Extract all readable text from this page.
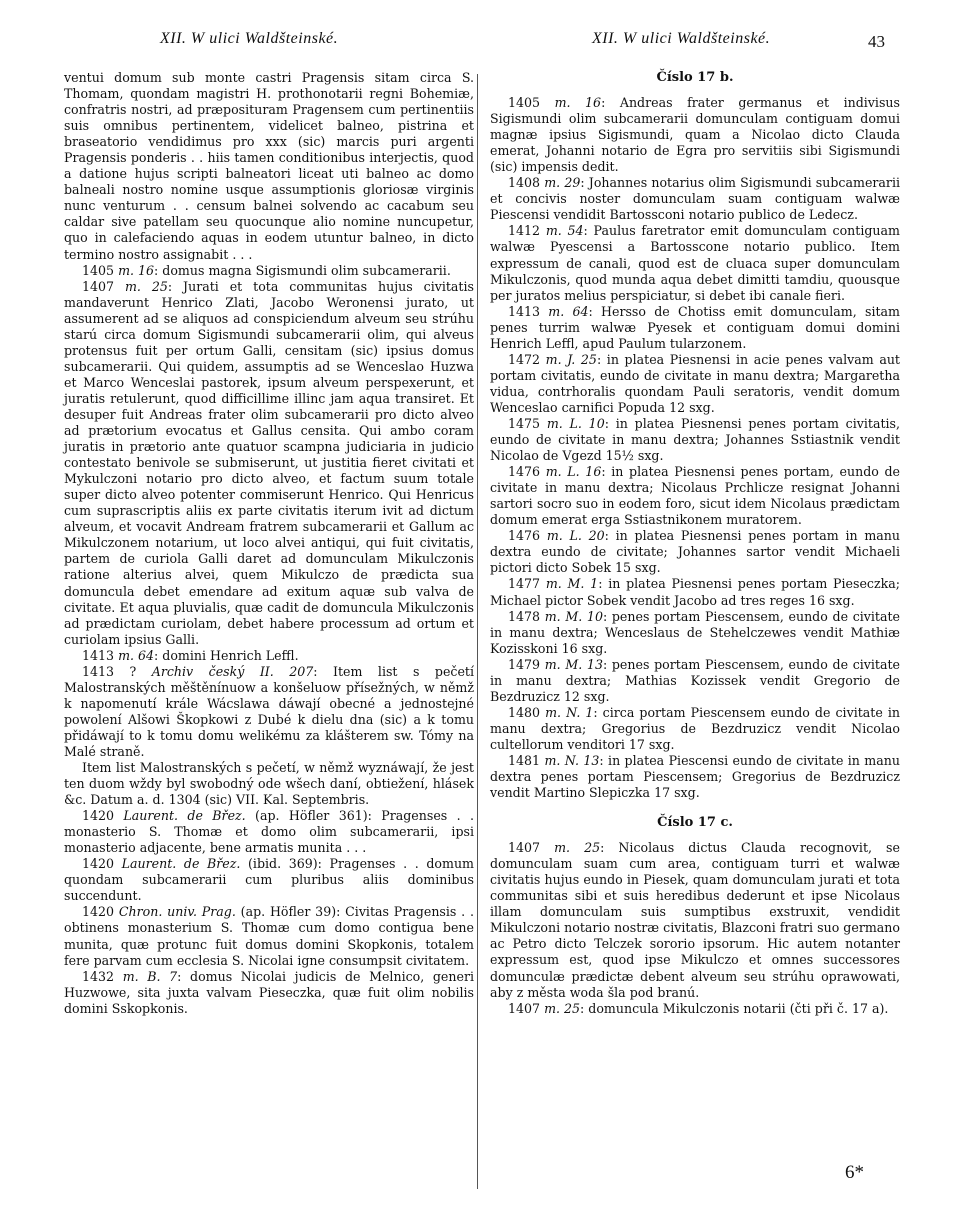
XII. W ulici Waldšteinské.	XII. W ulici Waldšteinské.	43

ventui domum sub monte castri Pragensis sitam circa S. Thomam, quondam magistri H. prothonotarii regni Bohemiæ, confratris nostri, ad præposituram Pragensem cum pertinentiis suis omnibus pertinentem, videlicet balneo, pistrina et braseatorio vendidimus pro xxx (sic) marcis puri argenti Pragensis ponderis . . hiis tamen conditionibus interjectis, quod a datione hujus scripti balneatori liceat uti balneo ac domo balneali nostro nomine usque assumptionis gloriosæ virginis nunc venturum . . censum balnei solvendo ac cacabum seu caldar sive patellam seu quocunque alio nomine nuncupetur, quo in calefaciendo aquas in eodem utuntur balneo, in dicto termino nostro assignabit . . .

1405 m. 16: domus magna Sigismundi olim subcamerarii.

1407 m. 25: Jurati et tota communitas hujus civitatis mandaverunt Henrico Zlati, Jacobo Weronensi jurato, ut assumerent ad se aliquos ad conspiciendum alveum seu strúhu starú circa domum Sigismundi subcamerarii olim, qui alveus protensus fuit per ortum Galli, censitam (sic) ipsius domus subcamerarii. Qui quidem, assumptis ad se Wenceslao Huzwa et Marco Wenceslai pastorek, ipsum alveum perspexerunt, et juratis retulerunt, quod difficillime illinc jam aqua transiret. Et desuper fuit Andreas frater olim subcamerarii pro dicto alveo ad prætorium evocatus et Gallus censita. Qui ambo coram juratis in prætorio ante quatuor scampna judiciaria in judicio contestato benivole se submiserunt, ut justitia fieret civitati et Mykulczoni notario pro dicto alveo, et factum suum totale super dicto alveo potenter commiserunt Henrico. Qui Henricus cum suprascriptis aliis ex parte civitatis iterum ivit ad dictum alveum, et vocavit Andream fratrem subcamerarii et Gallum ac Mikulczonem notarium, ut loco alvei antiqui, qui fuit civitatis, partem de curiola Galli daret ad domunculam Mikulczonis ratione alterius alvei, quem Mikulczo de prædicta sua domuncula debet emendare ad exitum aquæ sub valva de civitate. Et aqua pluvialis, quæ cadit de domuncula Mikulczonis ad prædictam curiolam, debet habere processum ad ortum et curiolam ipsius Galli.

1413 m. 64: domini Henrich Leffl.

1413 ? Archiv český II. 207: Item list s pečetí Malostranských měštěnínuow a konšeluow přísežných, w němž k napomenutí krále Wácslawa dáwají obecné a jednostejné powolení Alšowi Škopkowi z Dubé k dielu dna (sic) a k tomu přidáwají to k tomu domu welikému za klášterem sw. Tómy na Malé straně.

Item list Malostranských s pečetí, w němž wyznáwají, že jest ten duom wždy byl swobodný ode wšech daní, obtiežení, hlásek &c. Datum a. d. 1304 (sic) VII. Kal. Septembris.

1420 Laurent. de Břez. (ap. Höfler 361): Pragenses . . monasterio S. Thomæ et domo olim subcamerarii, ipsi monasterio adjacente, bene armatis munita . . .

1420 Laurent. de Břez. (ibid. 369): Pragenses . . domum quondam subcamerarii cum pluribus aliis dominibus succendunt.

1420 Chron. univ. Prag. (ap. Höfler 39): Civitas Pragensis . . obtinens monasterium S. Thomæ cum domo contigua bene munita, quæ protunc fuit domus domini Skopkonis, totalem fere parvam cum ecclesia S. Nicolai igne consumpsit civitatem.

1432 m. B. 7: domus Nicolai judicis de Melnico, generi Huzwowe, sita juxta valvam Pieseczka, quæ fuit olim nobilis domini Sskopkonis.

Číslo 17 b.

1405 m. 16: Andreas frater germanus et indivisus Sigismundi olim subcamerarii domunculam contiguam domui magnæ ipsius Sigismundi, quam a Nicolao dicto Clauda emerat, Johanni notario de Egra pro servitiis sibi Sigismundi (sic) impensis dedit.

1408 m. 29: Johannes notarius olim Sigismundi subcamerarii et concivis noster domunculam suam contiguam walwæ Piescensi vendidit Bartossconi notario publico de Ledecz.

1412 m. 54: Paulus faretrator emit domunculam contiguam walwæ Pyescensi a Bartosscone notario publico. Item expressum de canali, quod est de cluaca super domunculam Mikulczonis, quod munda aqua debet dimitti tamdiu, quousque per juratos melius perspiciatur, si debet ibi canale fieri.

1413 m. 64: Hersso de Chotiss emit domunculam, sitam penes turrim walwæ Pyesek et contiguam domui domini Henrich Leffl, apud Paulum tularzonem.

1472 m. J. 25: in platea Piesnensi in acie penes valvam aut portam civitatis, eundo de civitate in manu dextra; Margaretha vidua, contrhoralis quondam Pauli seratoris, vendit domum Wenceslao carnifici Popuda 12 sxg.

1475 m. L. 10: in platea Piesnensi penes portam civitatis, eundo de civitate in manu dextra; Johannes Sstiastnik vendit Nicolao de Vgezd 15½ sxg.

1476 m. L. 16: in platea Piesnensi penes portam, eundo de civitate in manu dextra; Nicolaus Prchlicze resignat Johanni sartori socro suo in eodem foro, sicut idem Nicolaus prædictam domum emerat erga Sstiastnikonem muratorem.

1476 m. L. 20: in platea Piesnensi penes portam in manu dextra eundo de civitate; Johannes sartor vendit Michaeli pictori dicto Sobek 15 sxg.

1477 m. M. 1: in platea Piesnensi penes portam Pieseczka; Michael pictor Sobek vendit Jacobo ad tres reges 16 sxg.

1478 m. M. 10: penes portam Piescensem, eundo de civitate in manu dextra; Wenceslaus de Stehelczewes vendit Mathiæ Kozisskoni 16 sxg.

1479 m. M. 13: penes portam Piescensem, eundo de civitate in manu dextra; Mathias Kozissek vendit Gregorio de Bezdruzicz 12 sxg.

1480 m. N. 1: circa portam Piescensem eundo de civitate in manu dextra; Gregorius de Bezdruzicz vendit Nicolao cultellorum venditori 17 sxg.

1481 m. N. 13: in platea Piescensi eundo de civitate in manu dextra penes portam Piescensem; Gregorius de Bezdruzicz vendit Martino Slepiczka 17 sxg.

Číslo 17 c.

1407 m. 25: Nicolaus dictus Clauda recognovit, se domunculam suam cum area, contiguam turri et walwæ civitatis hujus eundo in Piesek, quam domunculam jurati et tota communitas sibi et suis heredibus dederunt et ipse Nicolaus illam domunculam suis sumptibus exstruxit, vendidit Mikulczoni notario nostræ civitatis, Blazconi fratri suo germano ac Petro dicto Telczek sororio ipsorum. Hic autem notanter expressum est, quod ipse Mikulczo et omnes successores domunculæ prædictæ debent alveum seu strúhu oprawowati, aby z města woda šla pod branú.

1407 m. 25: domuncula Mikulczonis notarii (čti při č. 17 a).

6*
